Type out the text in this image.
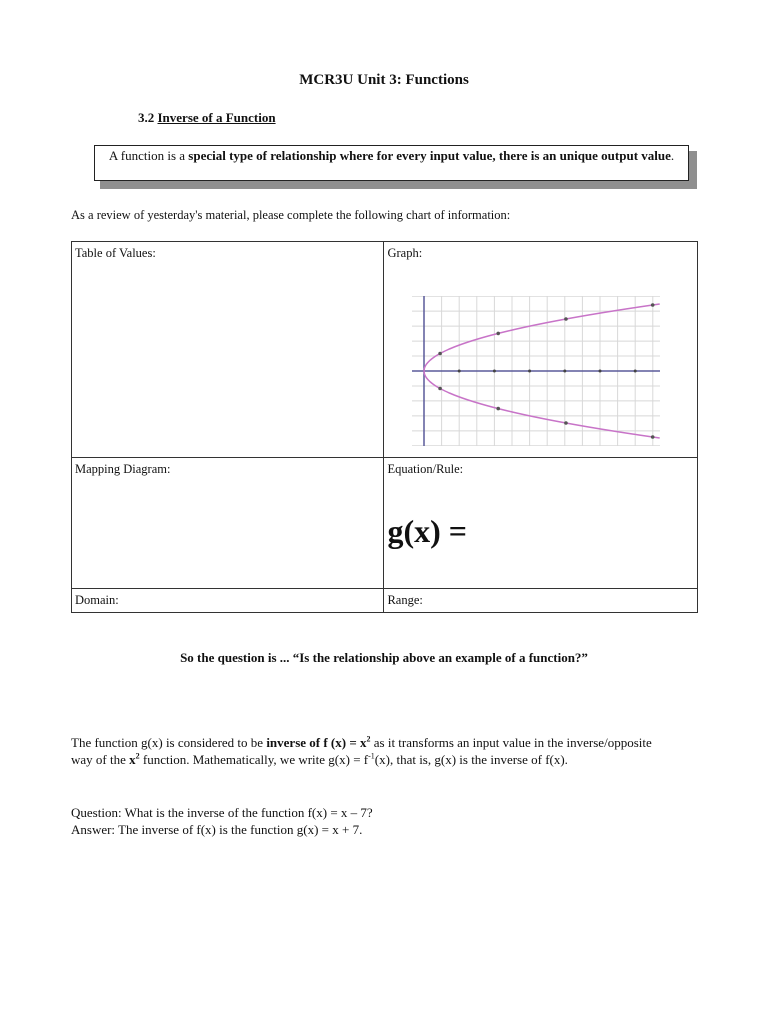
MCR3U Unit 3: Functions
3.2 Inverse of a Function
A function is a special type of relationship where for every input value, there is an unique output value.
As a review of yesterday's material, please complete the following chart of information:
Table of Values:	Graph:

Mapping Diagram:	Equation/Rule:
g(x) =

Domain:	Range:
So the question is ... “Is the relationship above an example of a function?”
The function g(x) is considered to be inverse of f $(x) = x^2$ as it transforms an input value in the inverse/opposite way of the $x^2$ function. Mathematically, we write $g(x) = f^{-1}(x)$, that is, g(x) is the inverse of f(x).
Question: What is the inverse of the function f(x) = x – 7?
Answer: The inverse of f(x) is the function g(x) = x + 7.
